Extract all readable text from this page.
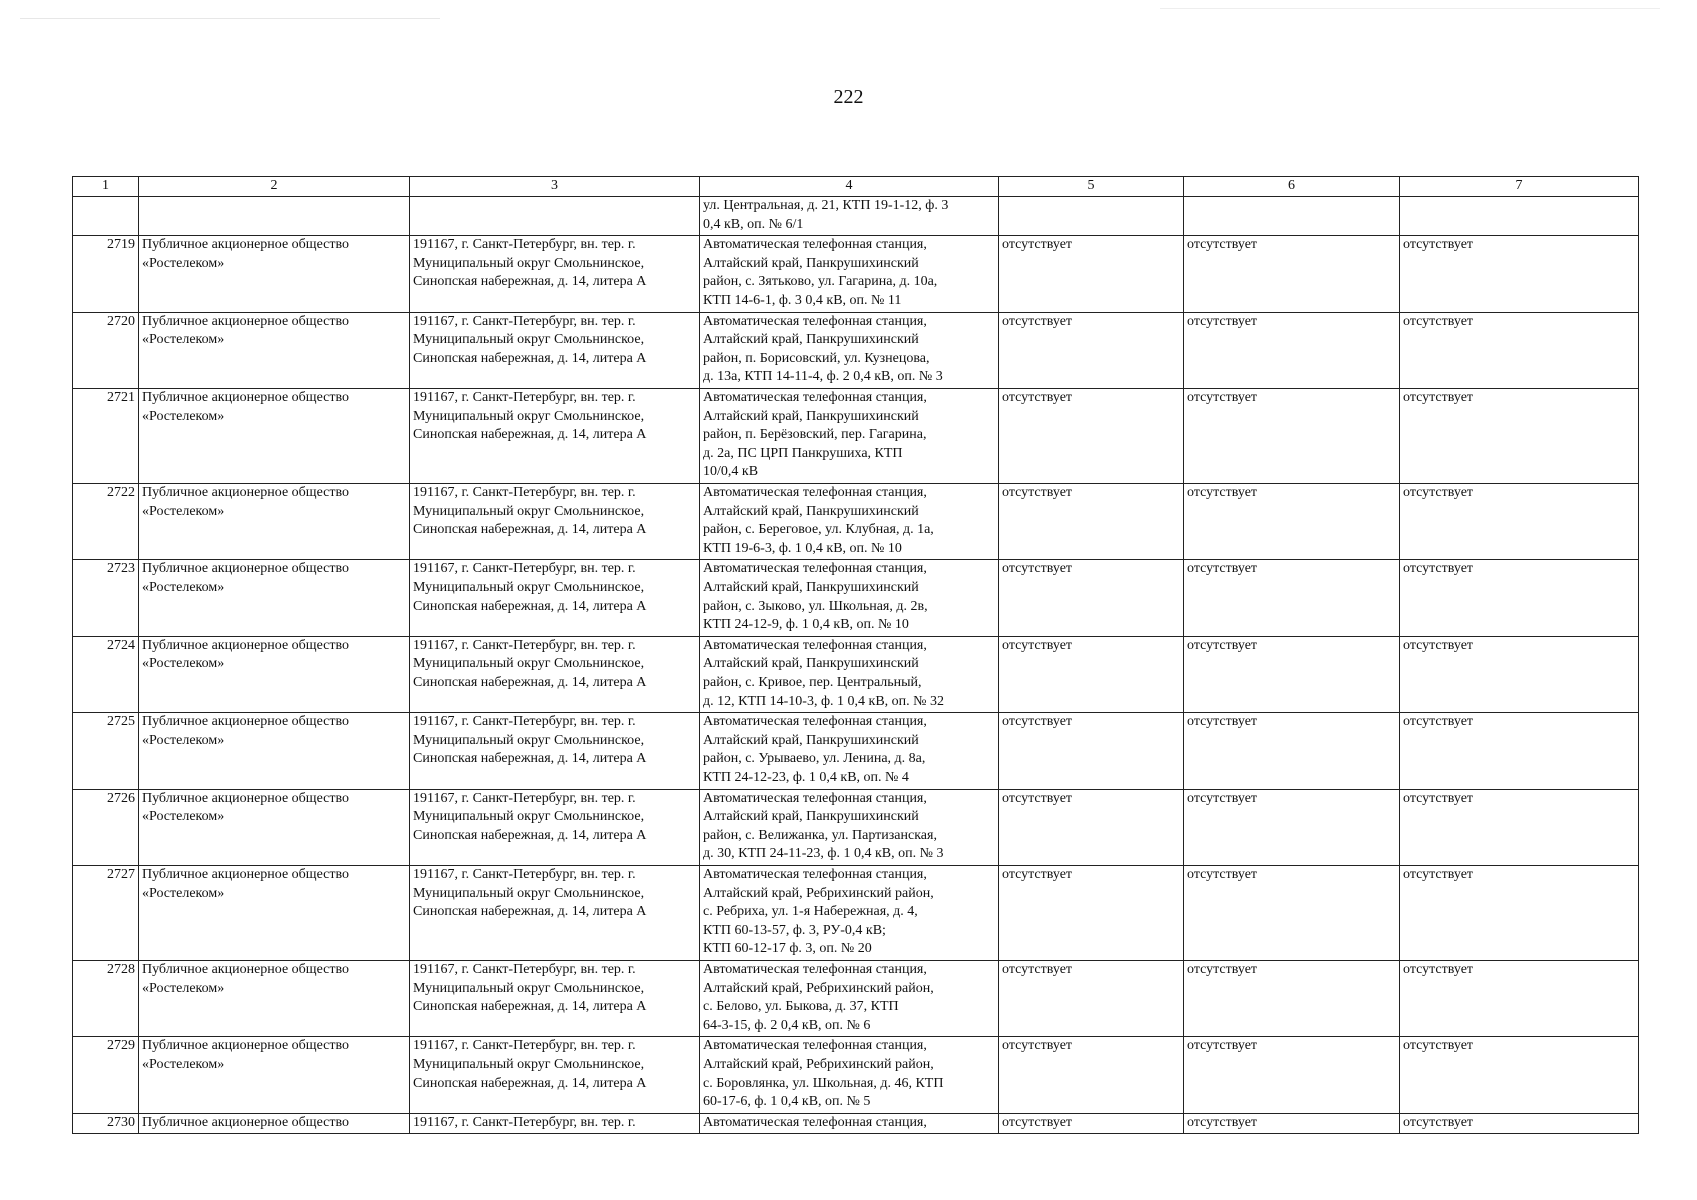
222
1	2	3	4	5	6	7
			ул. Центральная, д. 21, КТП 19-1-12, ф. 3
0,4 кВ, оп. № 6/1			
2719	Публичное акционерное общество
«Ростелеком»	191167, г. Санкт-Петербург, вн. тер. г.
Муниципальный округ Смольнинское,
Синопская набережная, д. 14, литера А	Автоматическая телефонная станция,
Алтайский край, Панкрушихинский
район, с. Зятьково, ул. Гагарина, д. 10а,
КТП 14-6-1, ф. 3 0,4 кВ, оп. № 11	отсутствует	отсутствует	отсутствует
2720	Публичное акционерное общество
«Ростелеком»	191167, г. Санкт-Петербург, вн. тер. г.
Муниципальный округ Смольнинское,
Синопская набережная, д. 14, литера А	Автоматическая телефонная станция,
Алтайский край, Панкрушихинский
район, п. Борисовский, ул. Кузнецова,
д. 13а, КТП 14-11-4, ф. 2 0,4 кВ, оп. № 3	отсутствует	отсутствует	отсутствует
2721	Публичное акционерное общество
«Ростелеком»	191167, г. Санкт-Петербург, вн. тер. г.
Муниципальный округ Смольнинское,
Синопская набережная, д. 14, литера А	Автоматическая телефонная станция,
Алтайский край, Панкрушихинский
район, п. Берёзовский, пер. Гагарина,
д. 2а, ПС ЦРП Панкрушиха, КТП
10/0,4 кВ	отсутствует	отсутствует	отсутствует
2722	Публичное акционерное общество
«Ростелеком»	191167, г. Санкт-Петербург, вн. тер. г.
Муниципальный округ Смольнинское,
Синопская набережная, д. 14, литера А	Автоматическая телефонная станция,
Алтайский край, Панкрушихинский
район, с. Береговое, ул. Клубная, д. 1а,
КТП 19-6-3, ф. 1 0,4 кВ, оп. № 10	отсутствует	отсутствует	отсутствует
2723	Публичное акционерное общество
«Ростелеком»	191167, г. Санкт-Петербург, вн. тер. г.
Муниципальный округ Смольнинское,
Синопская набережная, д. 14, литера А	Автоматическая телефонная станция,
Алтайский край, Панкрушихинский
район, с. Зыково, ул. Школьная, д. 2в,
КТП 24-12-9, ф. 1 0,4 кВ, оп. № 10	отсутствует	отсутствует	отсутствует
2724	Публичное акционерное общество
«Ростелеком»	191167, г. Санкт-Петербург, вн. тер. г.
Муниципальный округ Смольнинское,
Синопская набережная, д. 14, литера А	Автоматическая телефонная станция,
Алтайский край, Панкрушихинский
район, с. Кривое, пер. Центральный,
д. 12, КТП 14-10-3, ф. 1 0,4 кВ, оп. № 32	отсутствует	отсутствует	отсутствует
2725	Публичное акционерное общество
«Ростелеком»	191167, г. Санкт-Петербург, вн. тер. г.
Муниципальный округ Смольнинское,
Синопская набережная, д. 14, литера А	Автоматическая телефонная станция,
Алтайский край, Панкрушихинский
район, с. Урываево, ул. Ленина, д. 8а,
КТП 24-12-23, ф. 1 0,4 кВ, оп. № 4	отсутствует	отсутствует	отсутствует
2726	Публичное акционерное общество
«Ростелеком»	191167, г. Санкт-Петербург, вн. тер. г.
Муниципальный округ Смольнинское,
Синопская набережная, д. 14, литера А	Автоматическая телефонная станция,
Алтайский край, Панкрушихинский
район, с. Велижанка, ул. Партизанская,
д. 30, КТП 24-11-23, ф. 1 0,4 кВ, оп. № 3	отсутствует	отсутствует	отсутствует
2727	Публичное акционерное общество
«Ростелеком»	191167, г. Санкт-Петербург, вн. тер. г.
Муниципальный округ Смольнинское,
Синопская набережная, д. 14, литера А	Автоматическая телефонная станция,
Алтайский край, Ребрихинский район,
с. Ребриха, ул. 1-я Набережная, д. 4,
КТП 60-13-57, ф. 3, РУ-0,4 кВ;
КТП 60-12-17 ф. 3, оп. № 20	отсутствует	отсутствует	отсутствует
2728	Публичное акционерное общество
«Ростелеком»	191167, г. Санкт-Петербург, вн. тер. г.
Муниципальный округ Смольнинское,
Синопская набережная, д. 14, литера А	Автоматическая телефонная станция,
Алтайский край, Ребрихинский район,
с. Белово, ул. Быкова, д. 37, КТП
64-3-15, ф. 2 0,4 кВ, оп. № 6	отсутствует	отсутствует	отсутствует
2729	Публичное акционерное общество
«Ростелеком»	191167, г. Санкт-Петербург, вн. тер. г.
Муниципальный округ Смольнинское,
Синопская набережная, д. 14, литера А	Автоматическая телефонная станция,
Алтайский край, Ребрихинский район,
с. Боровлянка, ул. Школьная, д. 46, КТП
60-17-6, ф. 1 0,4 кВ, оп. № 5	отсутствует	отсутствует	отсутствует
2730	Публичное акционерное общество	191167, г. Санкт-Петербург, вн. тер. г.	Автоматическая телефонная станция,	отсутствует	отсутствует	отсутствует
